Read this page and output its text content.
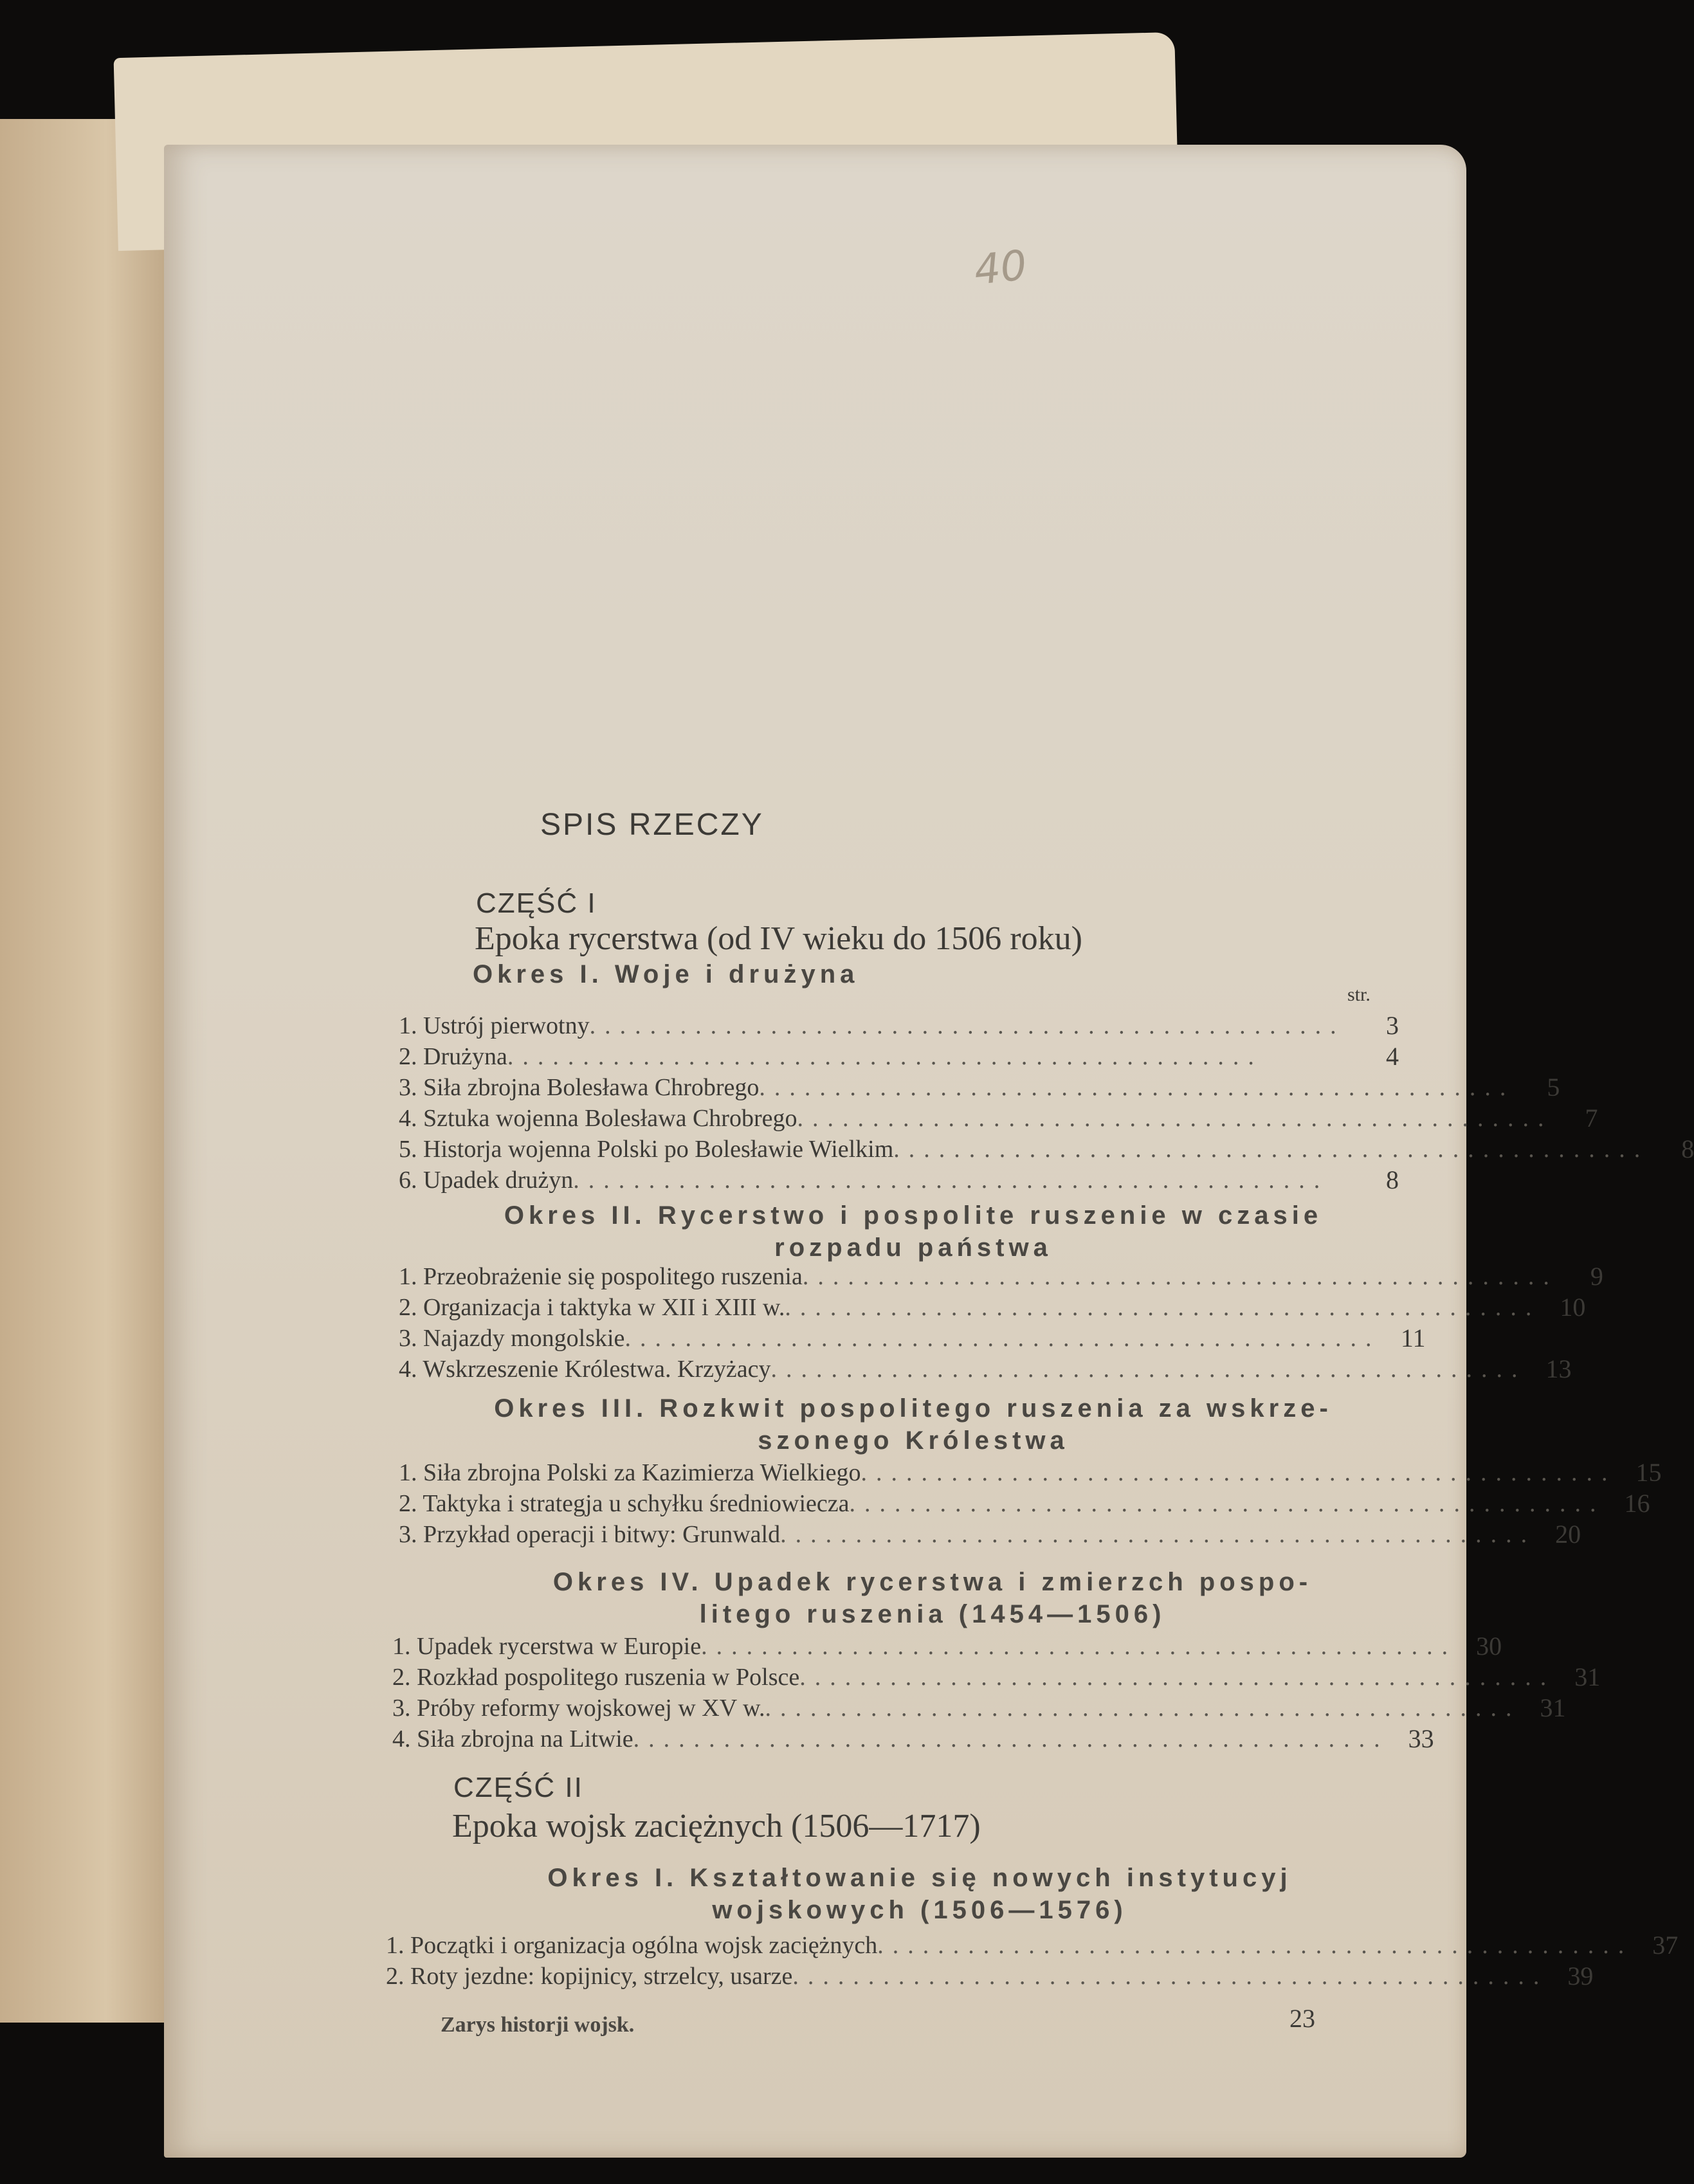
40
SPIS RZECZY
CZĘŚĆ I
Epoka rycerstwa (od IV wieku do 1506 roku)
Okres I. Woje i drużyna
str.
Okres II. Rycerstwo i pospolite ruszenie w czasie
rozpadu państwa
Okres III. Rozkwit pospolitego ruszenia za wskrze-
szonego Królestwa
Okres IV. Upadek rycerstwa i zmierzch pospo-
litego ruszenia (1454—1506)
CZĘŚĆ II
Epoka wojsk zaciężnych (1506—1717)
Okres I. Kształtowanie się nowych instytucyj
wojskowych (1506—1576)
1. Ustrój pierwotny ..................................................	3
2. Drużyna ..................................................	4
3. Siła zbrojna Bolesława Chrobrego ..................................................	5
4. Sztuka wojenna Bolesława Chrobrego ..................................................	7
5. Historja wojenna Polski po Bolesławie Wielkim ..................................................	8
6. Upadek drużyn ..................................................	8
1. Przeobrażenie się pospolitego ruszenia ..................................................	9
2. Organizacja i taktyka w XII i XIII w. .................................................. 10
3. Najazdy mongolskie .................................................. 11
4. Wskrzeszenie Królestwa. Krzyżacy .................................................. 13
1. Siła zbrojna Polski za Kazimierza Wielkiego .................................................. 15
2. Taktyka i strategja u schyłku średniowiecza .................................................. 16
3. Przykład operacji i bitwy: Grunwald .................................................. 20
1. Upadek rycerstwa w Europie .................................................. 30
2. Rozkład pospolitego ruszenia w Polsce .................................................. 31
3. Próby reformy wojskowej w XV w. .................................................. 31
4. Siła zbrojna na Litwie .................................................. 33
1. Początki i organizacja ogólna wojsk zaciężnych .................................................. 37
2. Roty jezdne: kopijnicy, strzelcy, usarze .................................................. 39
Zarys historji wojsk.	23
